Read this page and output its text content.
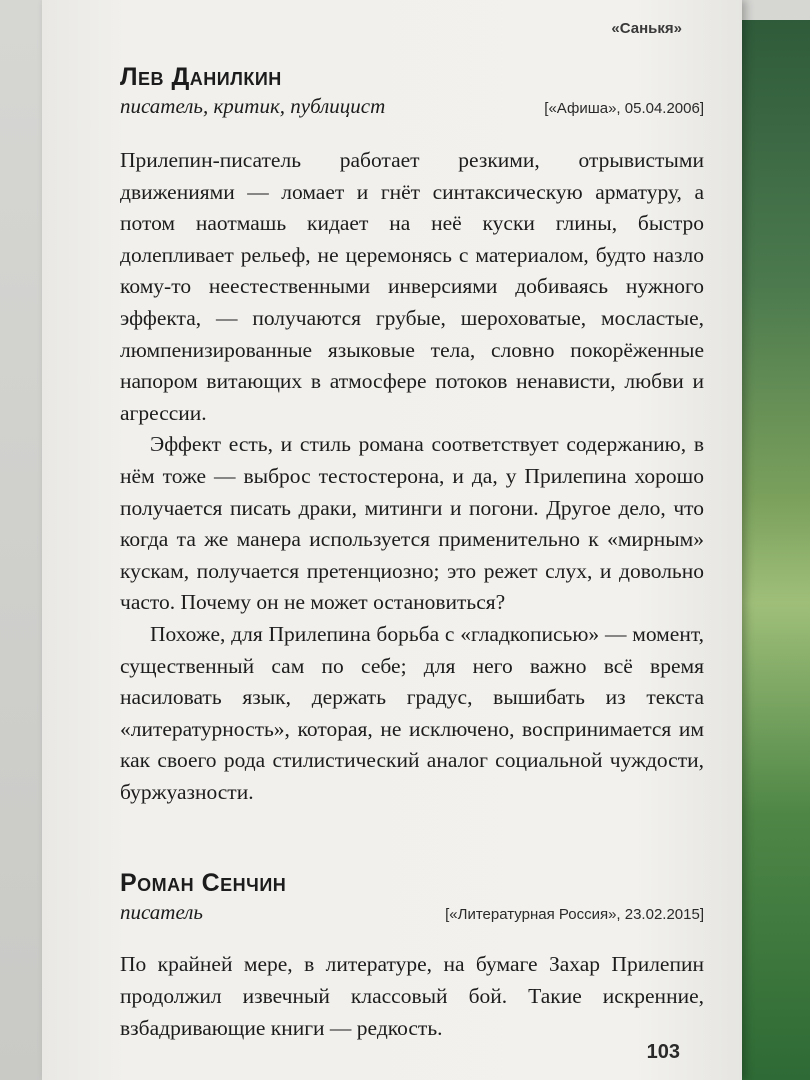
«Санькя»
Лев Данилкин
писатель, критик, публицист	[«Афиша», 05.04.2006]

Прилепин-писатель работает резкими, отрывистыми движениями — ломает и гнёт синтаксическую арматуру, а потом наотмашь кидает на неё куски глины, быстро долепливает рельеф, не церемонясь с материалом, будто назло кому-то неестественными инверсиями добиваясь нужного эффекта, — получаются грубые, шероховатые, мосластые, люмпенизированные языковые тела, словно покорёженные напором витающих в атмосфере потоков ненависти, любви и агрессии.

Эффект есть, и стиль романа соответствует содержанию, в нём тоже — выброс тестостерона, и да, у Прилепина хорошо получается писать драки, митинги и погони. Другое дело, что когда та же манера используется применительно к «мирным» кускам, получается претенциозно; это режет слух, и довольно часто. Почему он не может остановиться?

Похоже, для Прилепина борьба с «гладкописью» — момент, существенный сам по себе; для него важно всё время насиловать язык, держать градус, вышибать из текста «литературность», которая, не исключено, воспринимается им как своего рода стилистический аналог социальной чуждости, буржуазности.

Роман Сенчин
писатель	[«Литературная Россия», 23.02.2015]

По крайней мере, в литературе, на бумаге Захар Прилепин продолжил извечный классовый бой. Такие искренние, взбадривающие книги — редкость.

103
